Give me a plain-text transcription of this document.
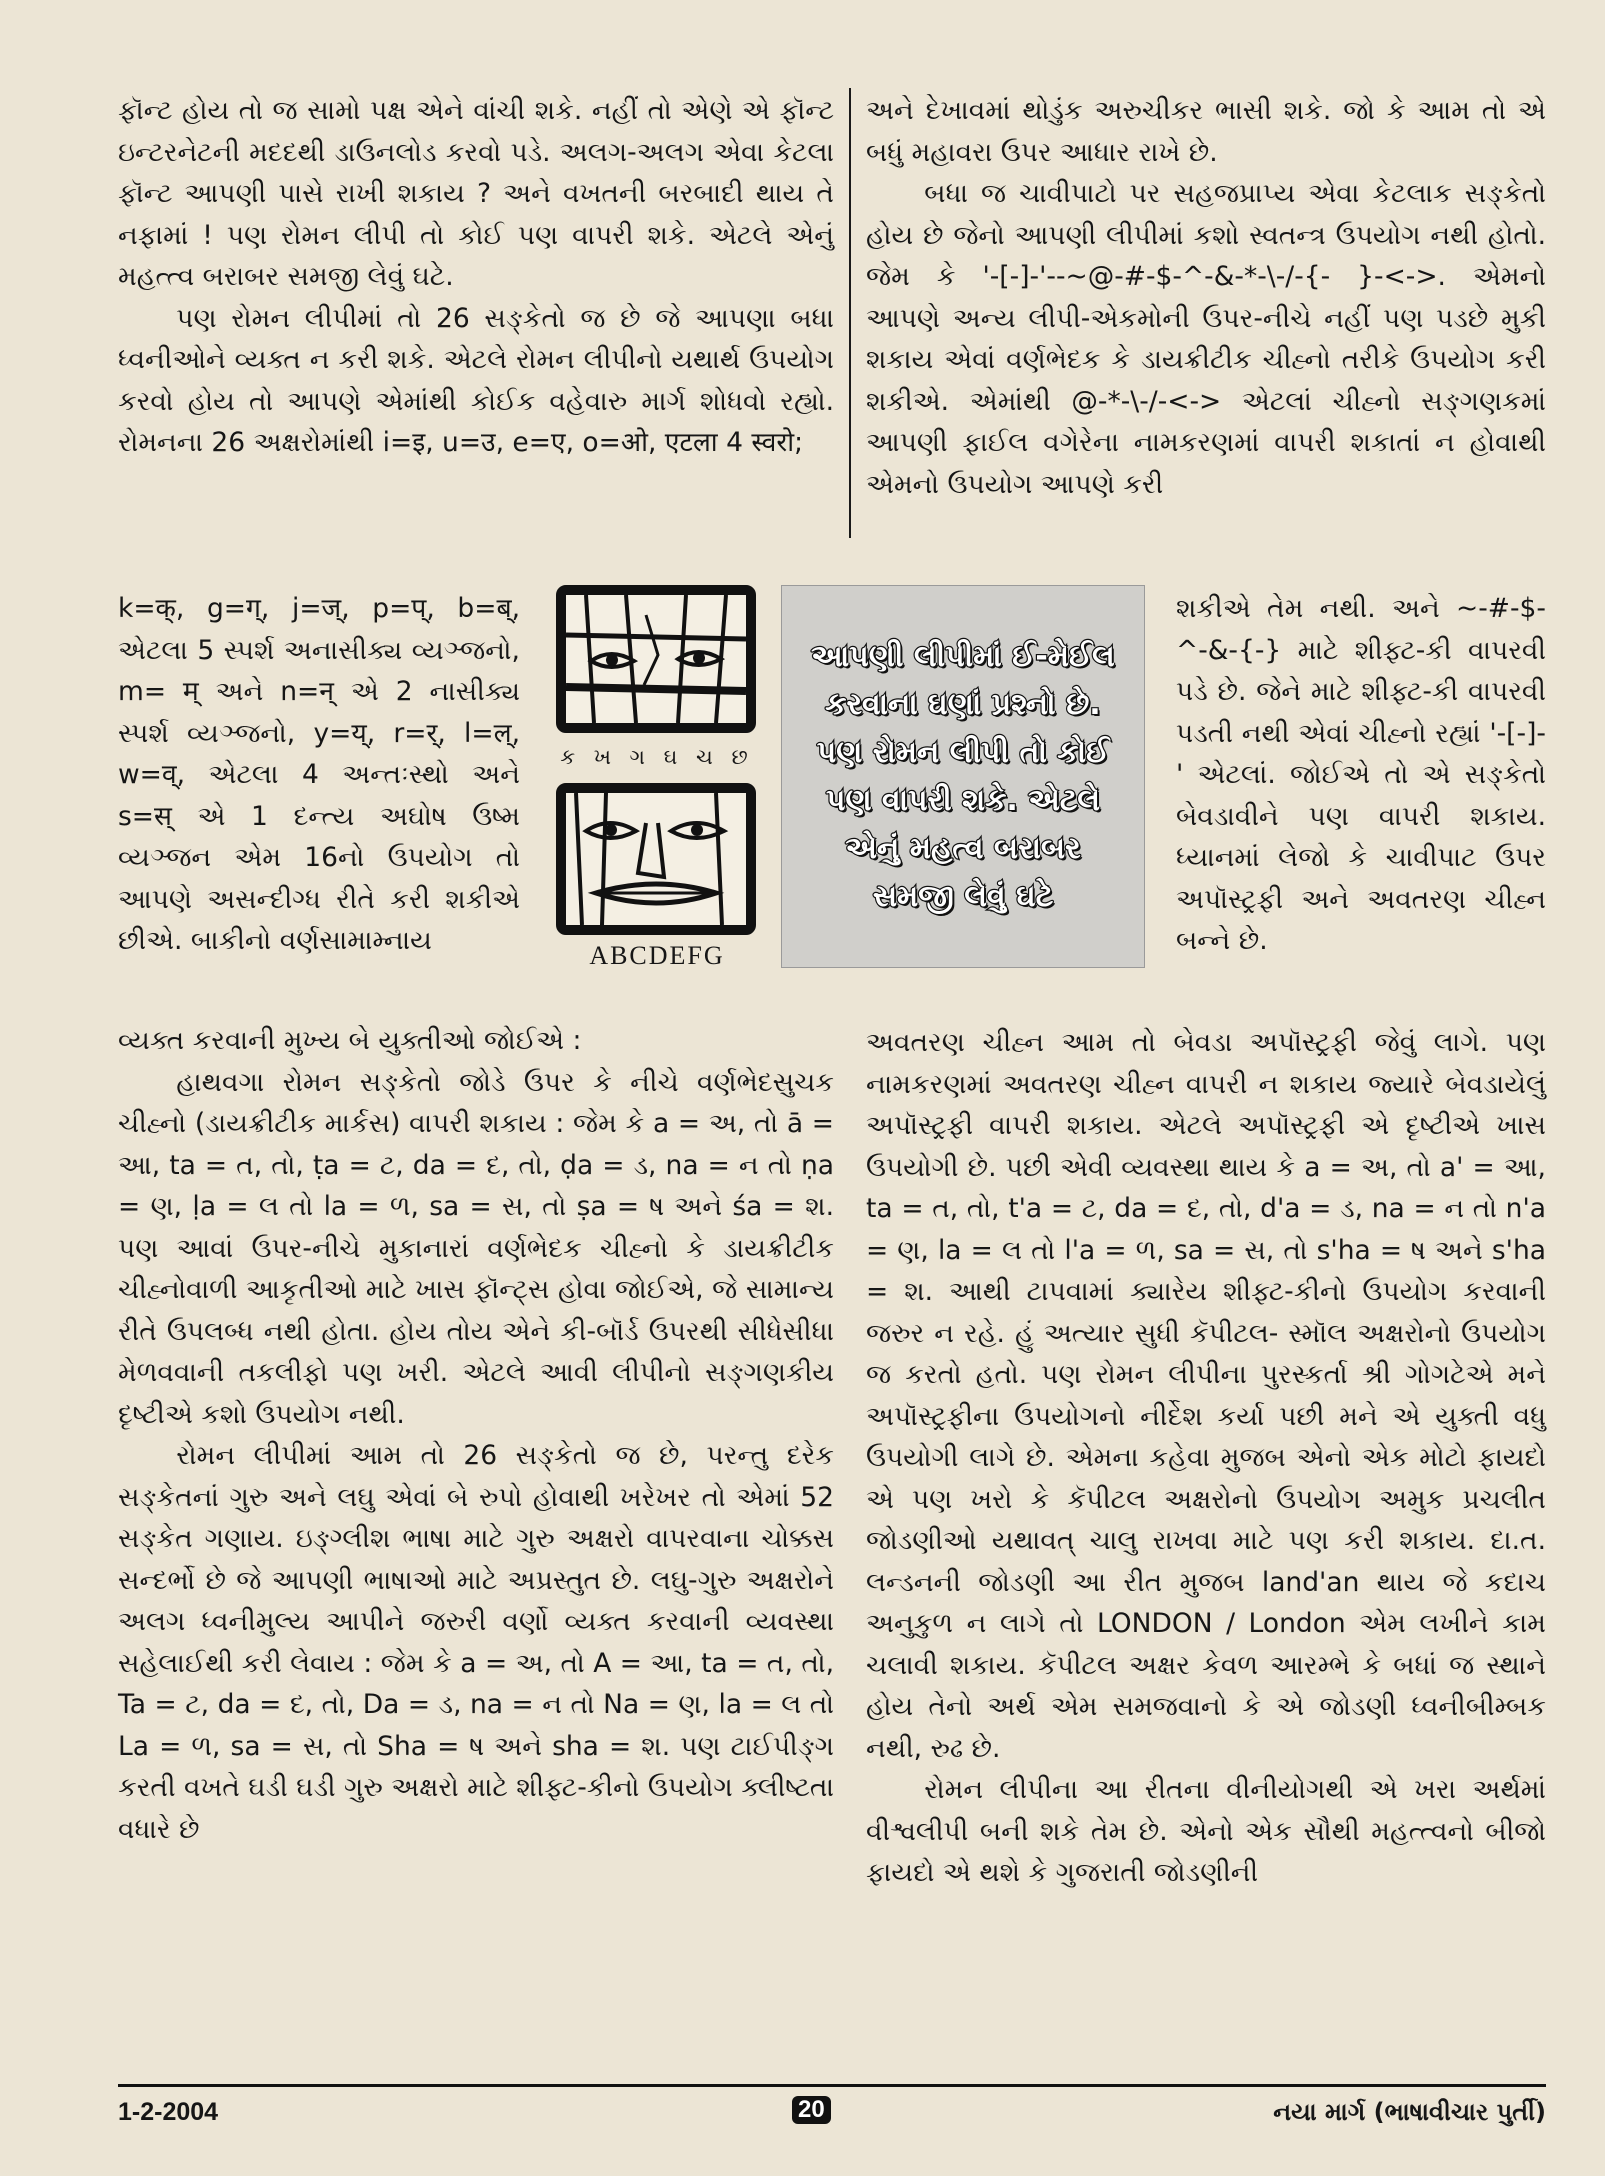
ફૉન્ટ હોય તો જ સામો પક્ષ એને વાંચી શકે. નહીં તો એણે એ ફૉન્ટ ઇન્ટરનેટની મદદથી ડાઉનલોડ કરવો પડે. અલગ-અલગ એવા કેટલા ફૉન્ટ આપણી પાસે રાખી શકાય ? અને વખતની બરબાદી થાય તે નફામાં ! પણ રોમન લીપી તો કોઈ પણ વાપરી શકે. એટલે એનું મહત્ત્વ બરાબર સમજી લેવું ઘટે.

પણ રોમન લીપીમાં તો 26 સઙ્કેતો જ છે જે આપણા બધા ધ્વનીઓને વ્યક્ત ન કરી શકે. એટલે રોમન લીપીનો યથાર્થ ઉપયોગ કરવો હોય તો આપણે એમાંથી કોઈક વહેવારુ માર્ગ શોધવો રહ્યો. રોમનના 26 અક્ષરોમાંથી i=इ, u=उ, e=ए, o=ओ, एटला 4 स्वरो;

k=क्, g=ग्, j=ज्, p=प्, b=ब्, એટલા 5 સ્પર્શ અનાસીક્ય વ્યઞ્જનો, m= म् અને n=न् એ 2 નાસીક્ય સ્પર્શ વ્યઞ્જનો, y=य्, r=र्, l=ल्, w=व्, એટલા 4 અન્તઃસ્થો અને s=स् એ 1 દન્ત્ય અઘોષ ઉષ્મ વ્યઞ્જન એમ 16નો ઉપયોગ તો આપણે અસન્દીગ્ધ રીતે કરી શકીએ છીએ. બાકીનો વર્ણસામામ્નાય
ક ખ ગ ઘ ચ છ
ABCDEFG
આપણી લીપીમાં ઈ-મેઈલ કરવાના ઘણાં પ્રશ્નો છે. પણ રોમન લીપી તો કોઈ પણ વાપરી શકે. એટલે એનું મહત્વ બરાબર સમજી લેવું ઘટે

વ્યક્ત કરવાની મુખ્ય બે યુક્તીઓ જોઈએ :

હાથવગા રોમન સઙ્કેતો જોડે ઉપર કે નીચે વર્ણભેદસુચક ચીહ્નો (ડાયક્રીટીક માર્કસ) વાપરી શકાય : જેમ કે a = અ, તો ā = આ, ta = ત, તો, ṭa = ટ, da = દ, તો, ḍa = ડ, na = ન તો ṇa = ણ, ḷa = લ તો la = ળ, sa = સ, તો ṣa = ષ અને śa = શ. પણ આવાં ઉપર-નીચે મુકાનારાં વર્ણભેદક ચીહ્નો કે ડાયક્રીટીક ચીહ્નોવાળી આકૃતીઓ માટે ખાસ ફૉન્ટ્સ હોવા જોઈએ, જે સામાન્ય રીતે ઉપલબ્ધ નથી હોતા. હોય તોય એને કી-બૉર્ડ ઉપરથી સીધેસીધા મેળવવાની તકલીફો પણ ખરી. એટલે આવી લીપીનો સઙ્ગણકીય દૃષ્ટીએ કશો ઉપયોગ નથી.

રોમન લીપીમાં આમ તો 26 સઙ્કેતો જ છે, પરન્તુ દરેક સઙ્કેતનાં ગુરુ અને લઘુ એવાં બે રુપો હોવાથી ખરેખર તો એમાં 52 સઙ્કેત ગણાય. ઇઙ્ગ્લીશ ભાષા માટે ગુરુ અક્ષરો વાપરવાના ચોક્કસ સન્દર્ભો છે જે આપણી ભાષાઓ માટે અપ્રસ્તુત છે. લઘુ-ગુરુ અક્ષરોને અલગ ધ્વનીમુલ્ય આપીને જરુરી વર્ણો વ્યક્ત કરવાની વ્યવસ્થા સહેલાઈથી કરી લેવાય : જેમ કે a = અ, તો A = આ, ta = ત, તો, Ta = ટ, da = દ, તો, Da = ડ, na = ન તો Na = ણ, la = લ તો La = ળ, sa = સ, તો Sha = ષ અને sha = શ. પણ ટાઈપીઙ્ગ કરતી વખતે ઘડી ઘડી ગુરુ અક્ષરો માટે શીફ્ટ-કીનો ઉપયોગ ક્લીષ્ટતા વધારે છે

અને દેખાવમાં થોડુંક અરુચીકર ભાસી શકે. જો કે આમ તો એ બધું મહાવરા ઉપર આધાર રાખે છે.

બધા જ ચાવીપાટો પર સહજપ્રાપ્ય એવા કેટલાક સઙ્કેતો હોય છે જેનો આપણી લીપીમાં કશો સ્વતન્ત્ર ઉપયોગ નથી હોતો. જેમ કે '-[-]-'--~@-#-$-^-&-*-\-/-{- }-<->. એમનો આપણે અન્ય લીપી-એકમોની ઉપર-નીચે નહીં પણ પડછે મુકી શકાય એવાં વર્ણભેદક કે ડાયક્રીટીક ચીહ્નો તરીકે ઉપયોગ કરી શકીએ. એમાંથી @-*-\-/-<-> એટલાં ચીહ્નો સઙ્ગણકમાં આપણી ફાઈલ વગેરેના નામકરણમાં વાપરી શકાતાં ન હોવાથી એમનો ઉપયોગ આપણે કરી

શકીએ તેમ નથી. અને ~-#-$-^-&-{-} માટે શીફ્ટ-કી વાપરવી પડે છે. જેને માટે શીફ્ટ-કી વાપરવી પડતી નથી એવાં ચીહ્નો રહ્યાં '-[-]-' એટલાં. જોઈએ તો એ સઙ્કેતો બેવડાવીને પણ વાપરી શકાય. ધ્યાનમાં લેજો કે ચાવીપાટ ઉપર અપૉસ્ટ્રફી અને અવતરણ ચીહ્ન બન્ને છે.

અવતરણ ચીહ્ન આમ તો બેવડા અપૉસ્ટ્રફી જેવું લાગે. પણ નામકરણમાં અવતરણ ચીહ્ન વાપરી ન શકાય જ્યારે બેવડાયેલું અપૉસ્ટ્રફી વાપરી શકાય. એટલે અપૉસ્ટ્રફી એ દૃષ્ટીએ ખાસ ઉપયોગી છે. પછી એવી વ્યવસ્થા થાય કે a = અ, તો a' = આ, ta = ત, તો, t'a = ટ, da = દ, તો, d'a = ડ, na = ન તો n'a = ણ, la = લ તો l'a = ળ, sa = સ, તો s'ha = ષ અને s'ha = શ. આથી ટાપવામાં ક્યારેય શીફ્ટ-કીનો ઉપયોગ કરવાની જરુર ન રહે. હું અત્યાર સુધી કૅપીટલ- સ્મૉલ અક્ષરોનો ઉપયોગ જ કરતો હતો. પણ રોમન લીપીના પુરસ્કર્તા શ્રી ગોગટેએ મને અપૉસ્ટ્રફીના ઉપયોગનો નીર્દેશ કર્યા પછી મને એ યુક્તી વધુ ઉપયોગી લાગે છે. એમના કહેવા મુજબ એનો એક મોટો ફાયદો એ પણ ખરો કે કૅપીટલ અક્ષરોનો ઉપયોગ અમુક પ્રચલીત જોડણીઓ યથાવત્ ચાલુ રાખવા માટે પણ કરી શકાય. દા.ત. લન્ડનની જોડણી આ રીત મુજબ land'an થાય જે કદાચ અનુકુળ ન લાગે તો LONDON / London એમ લખીને કામ ચલાવી શકાય. કૅપીટલ અક્ષર કેવળ આરમ્ભે કે બધાં જ સ્થાને હોય તેનો અર્થ એમ સમજવાનો કે એ જોડણી ધ્વનીબીમ્બક નથી, રુઢ છે.

રોમન લીપીના આ રીતના વીનીયોગથી એ ખરા અર્થમાં વીશ્વલીપી બની શકે તેમ છે. એનો એક સૌથી મહત્ત્વનો બીજો ફાયદો એ થશે કે ગુજરાતી જોડણીની

1-2-2004	20	નયા માર્ગ (ભાષાવીચાર પુર્તી)
